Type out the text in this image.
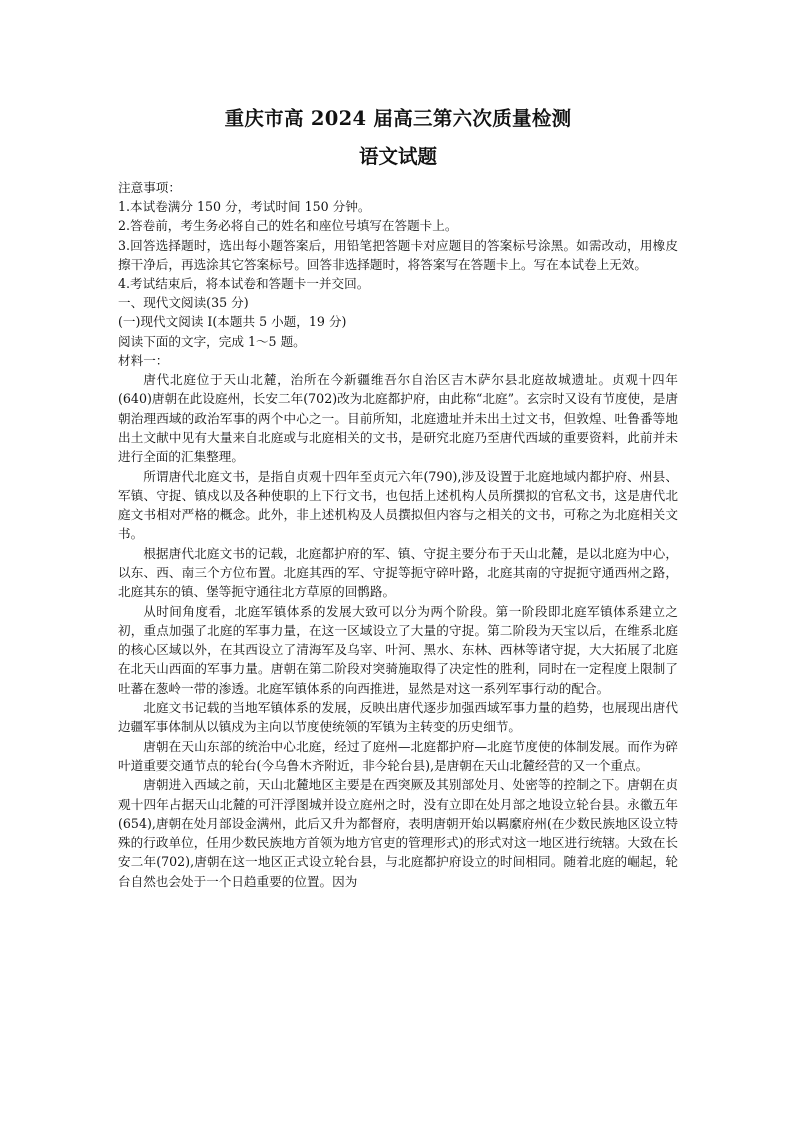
重庆市高 2024 届高三第六次质量检测
语文试题

注意事项：

1.本试卷满分 150 分，考试时间 150 分钟。

2.答卷前，考生务必将自己的姓名和座位号填写在答题卡上。

3.回答选择题时，选出每小题答案后，用铅笔把答题卡对应题目的答案标号涂黑。如需改动，用橡皮擦干净后，再选涂其它答案标号。回答非选择题时，将答案写在答题卡上。写在本试卷上无效。

4.考试结束后，将本试卷和答题卡一并交回。

一、现代文阅读(35 分)

(一)现代文阅读 I(本题共 5 小题，19 分)

阅读下面的文字，完成 1～5 题。

材料一：

唐代北庭位于天山北麓，治所在今新疆维吾尔自治区吉木萨尔县北庭故城遗址。贞观十四年(640)唐朝在此设庭州，长安二年(702)改为北庭都护府，由此称“北庭”。玄宗时又设有节度使，是唐朝治理西域的政治军事的两个中心之一。目前所知，北庭遗址并未出土过文书，但敦煌、吐鲁番等地出土文献中见有大量来自北庭或与北庭相关的文书，是研究北庭乃至唐代西域的重要资料，此前并未进行全面的汇集整理。

所谓唐代北庭文书，是指自贞观十四年至贞元六年(790),涉及设置于北庭地域内都护府、州县、军镇、守捉、镇戍以及各种使职的上下行文书，也包括上述机构人员所撰拟的官私文书，这是唐代北庭文书相对严格的概念。此外，非上述机构及人员撰拟但内容与之相关的文书，可称之为北庭相关文书。

根据唐代北庭文书的记载，北庭都护府的军、镇、守捉主要分布于天山北麓，是以北庭为中心，以东、西、南三个方位布置。北庭其西的军、守捉等扼守碎叶路，北庭其南的守捉扼守通西州之路，北庭其东的镇、堡等扼守通往北方草原的回鹘路。

从时间角度看，北庭军镇体系的发展大致可以分为两个阶段。第一阶段即北庭军镇体系建立之初，重点加强了北庭的军事力量，在这一区域设立了大量的守捉。第二阶段为天宝以后，在维系北庭的核心区域以外，在其西设立了清海军及乌宰、叶河、黑水、东林、西林等诸守捉，大大拓展了北庭在北天山西面的军事力量。唐朝在第二阶段对突骑施取得了决定性的胜利，同时在一定程度上限制了吐蕃在葱岭一带的渗透。北庭军镇体系的向西推进，显然是对这一系列军事行动的配合。

北庭文书记载的当地军镇体系的发展，反映出唐代逐步加强西域军事力量的趋势，也展现出唐代边疆军事体制从以镇戍为主向以节度使统领的军镇为主转变的历史细节。

唐朝在天山东部的统治中心北庭，经过了庭州—北庭都护府—北庭节度使的体制发展。而作为碎叶道重要交通节点的轮台(今乌鲁木齐附近，非今轮台县),是唐朝在天山北麓经营的又一个重点。

唐朝进入西域之前，天山北麓地区主要是在西突厥及其别部处月、处密等的控制之下。唐朝在贞观十四年占据天山北麓的可汗浮图城并设立庭州之时，没有立即在处月部之地设立轮台县。永徽五年(654),唐朝在处月部设金满州，此后又升为都督府，表明唐朝开始以羁縻府州(在少数民族地区设立特殊的行政单位，任用少数民族地方首领为地方官吏的管理形式)的形式对这一地区进行统辖。大致在长安二年(702),唐朝在这一地区正式设立轮台县，与北庭都护府设立的时间相同。随着北庭的崛起，轮台自然也会处于一个日趋重要的位置。因为
